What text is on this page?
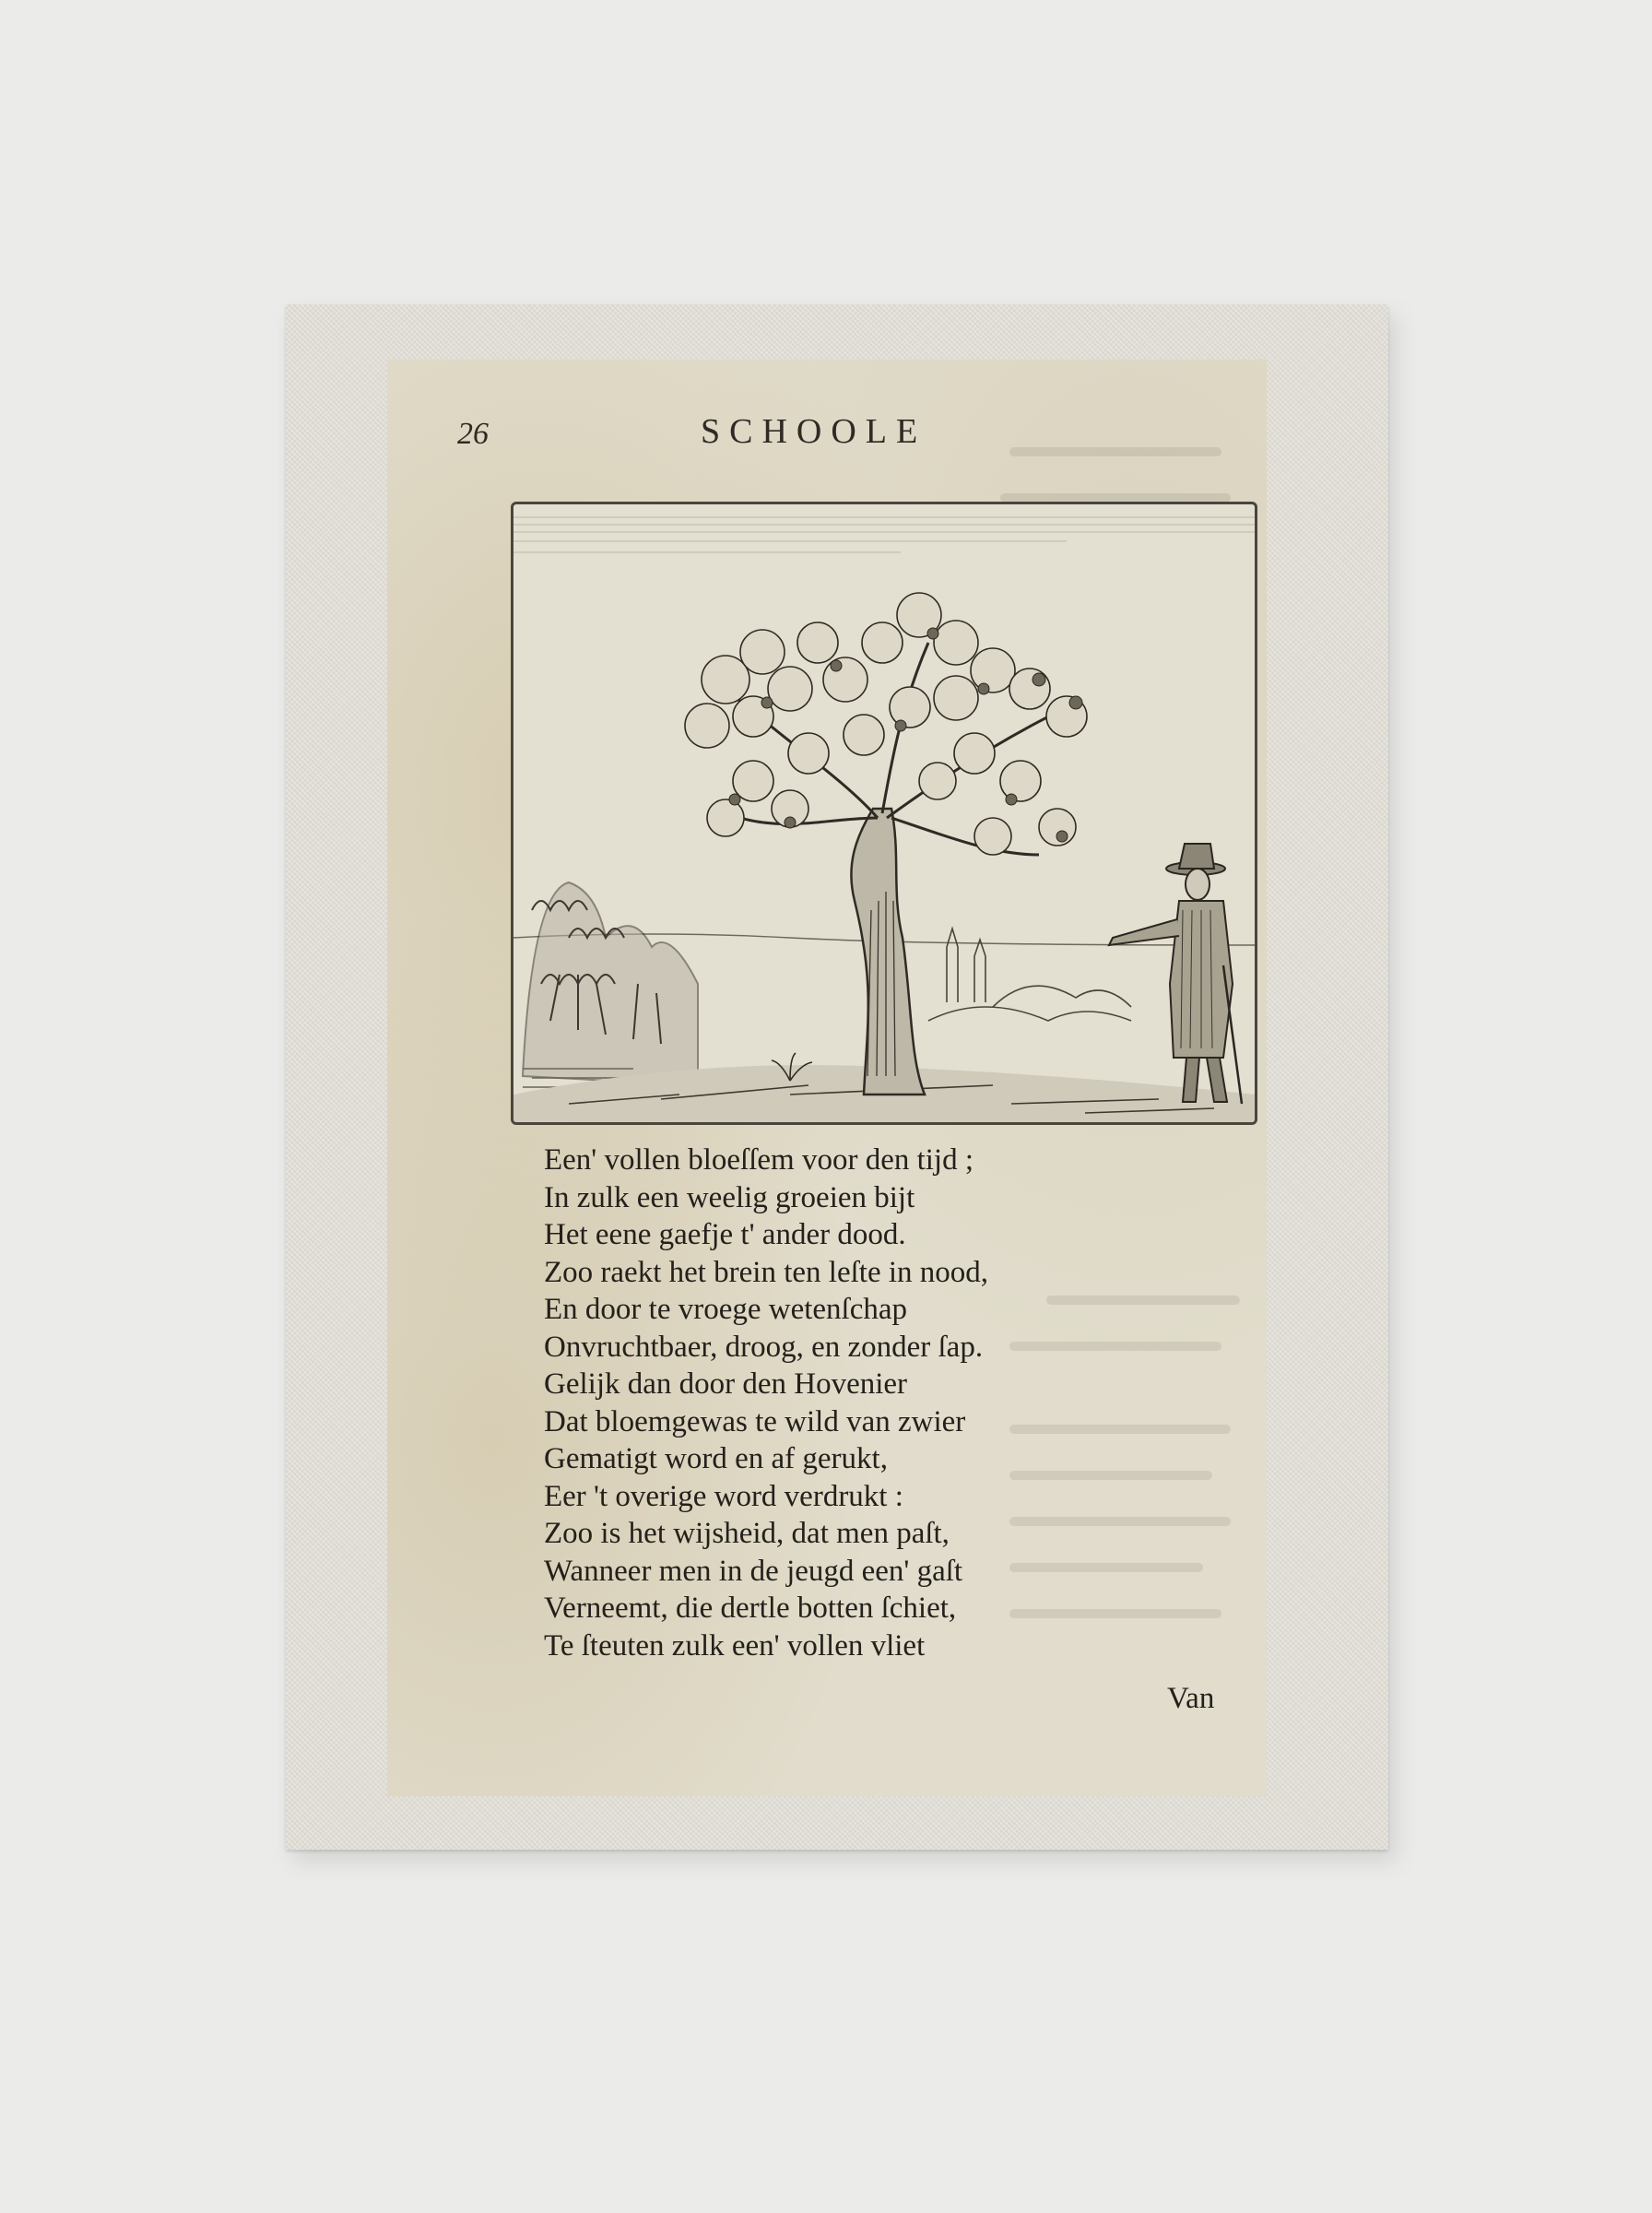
26	SCHOOLE
Een' vollen bloeſſem voor den tijd ;
In zulk een weelig groeien bijt
Het eene gaefje t' ander dood.
Zoo raekt het brein ten leſte in nood,
En door te vroege wetenſchap
Onvruchtbaer, droog, en zonder ſap.
Gelijk dan door den Hovenier
Dat bloemgewas te wild van zwier
Gematigt word en af gerukt,
Eer 't overige word verdrukt :
Zoo is het wijsheid, dat men paſt,
Wanneer men in de jeugd een' gaſt
Verneemt, die dertle botten ſchiet,
Te ſteuten zulk een' vollen vliet
Van
